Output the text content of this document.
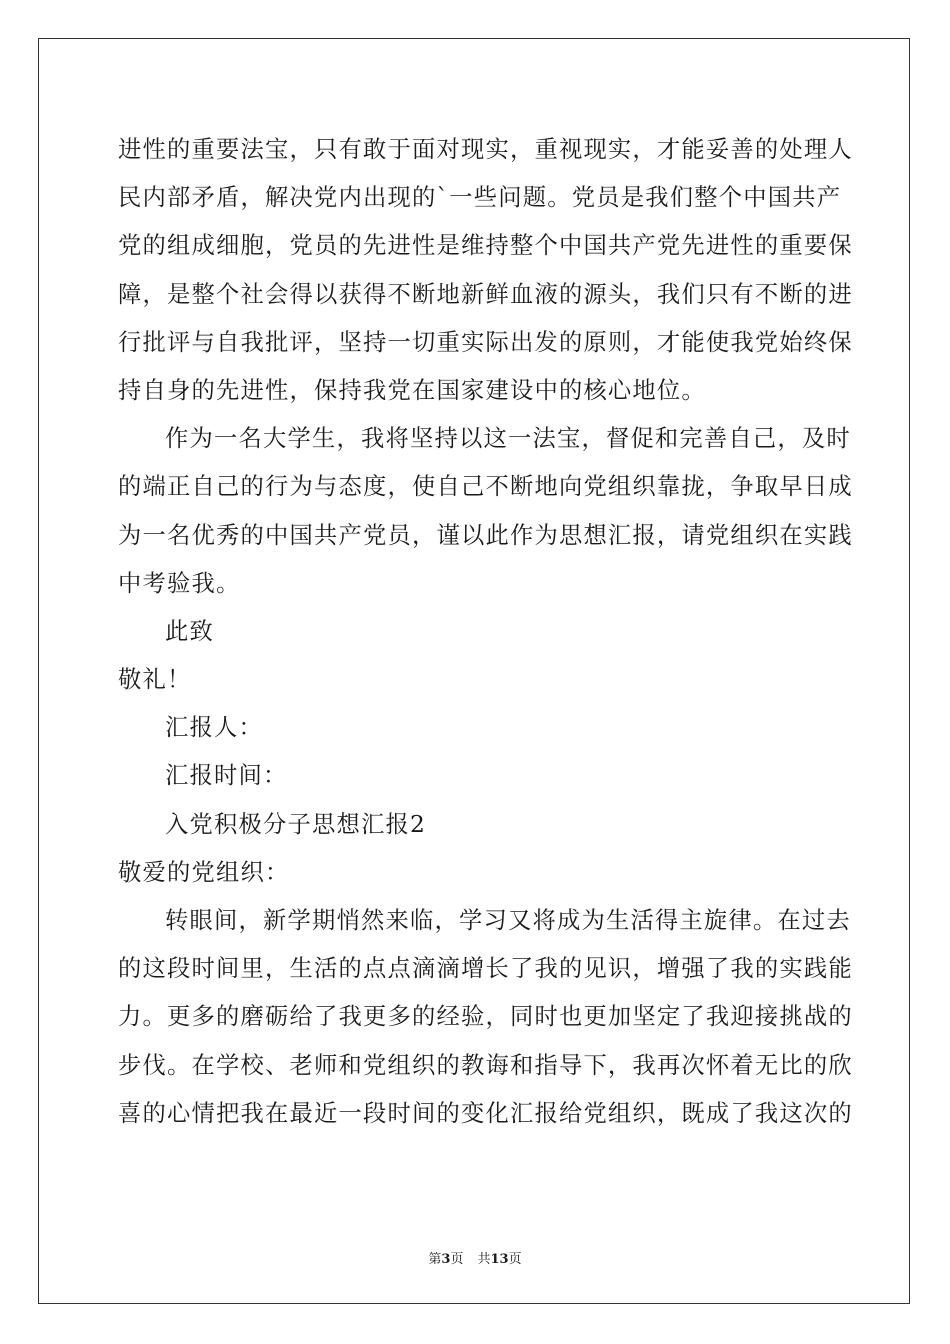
进性的重要法宝，只有敢于面对现实，重视现实，才能妥善的处理人
民内部矛盾，解决党内出现的`一些问题。党员是我们整个中国共产
党的组成细胞，党员的先进性是维持整个中国共产党先进性的重要保
障，是整个社会得以获得不断地新鲜血液的源头，我们只有不断的进
行批评与自我批评，坚持一切重实际出发的原则，才能使我党始终保
持自身的先进性，保持我党在国家建设中的核心地位。
作为一名大学生，我将坚持以这一法宝，督促和完善自己，及时
的端正自己的行为与态度，使自己不断地向党组织靠拢，争取早日成
为一名优秀的中国共产党员，谨以此作为思想汇报，请党组织在实践
中考验我。
此致
敬礼！
汇报人：
汇报时间：
入党积极分子思想汇报2
敬爱的党组织：
转眼间，新学期悄然来临，学习又将成为生活得主旋律。在过去
的这段时间里，生活的点点滴滴增长了我的见识，增强了我的实践能
力。更多的磨砺给了我更多的经验，同时也更加坚定了我迎接挑战的
步伐。在学校、老师和党组织的教诲和指导下，我再次怀着无比的欣
喜的心情把我在最近一段时间的变化汇报给党组织，既成了我这次的
第3页 共13页
